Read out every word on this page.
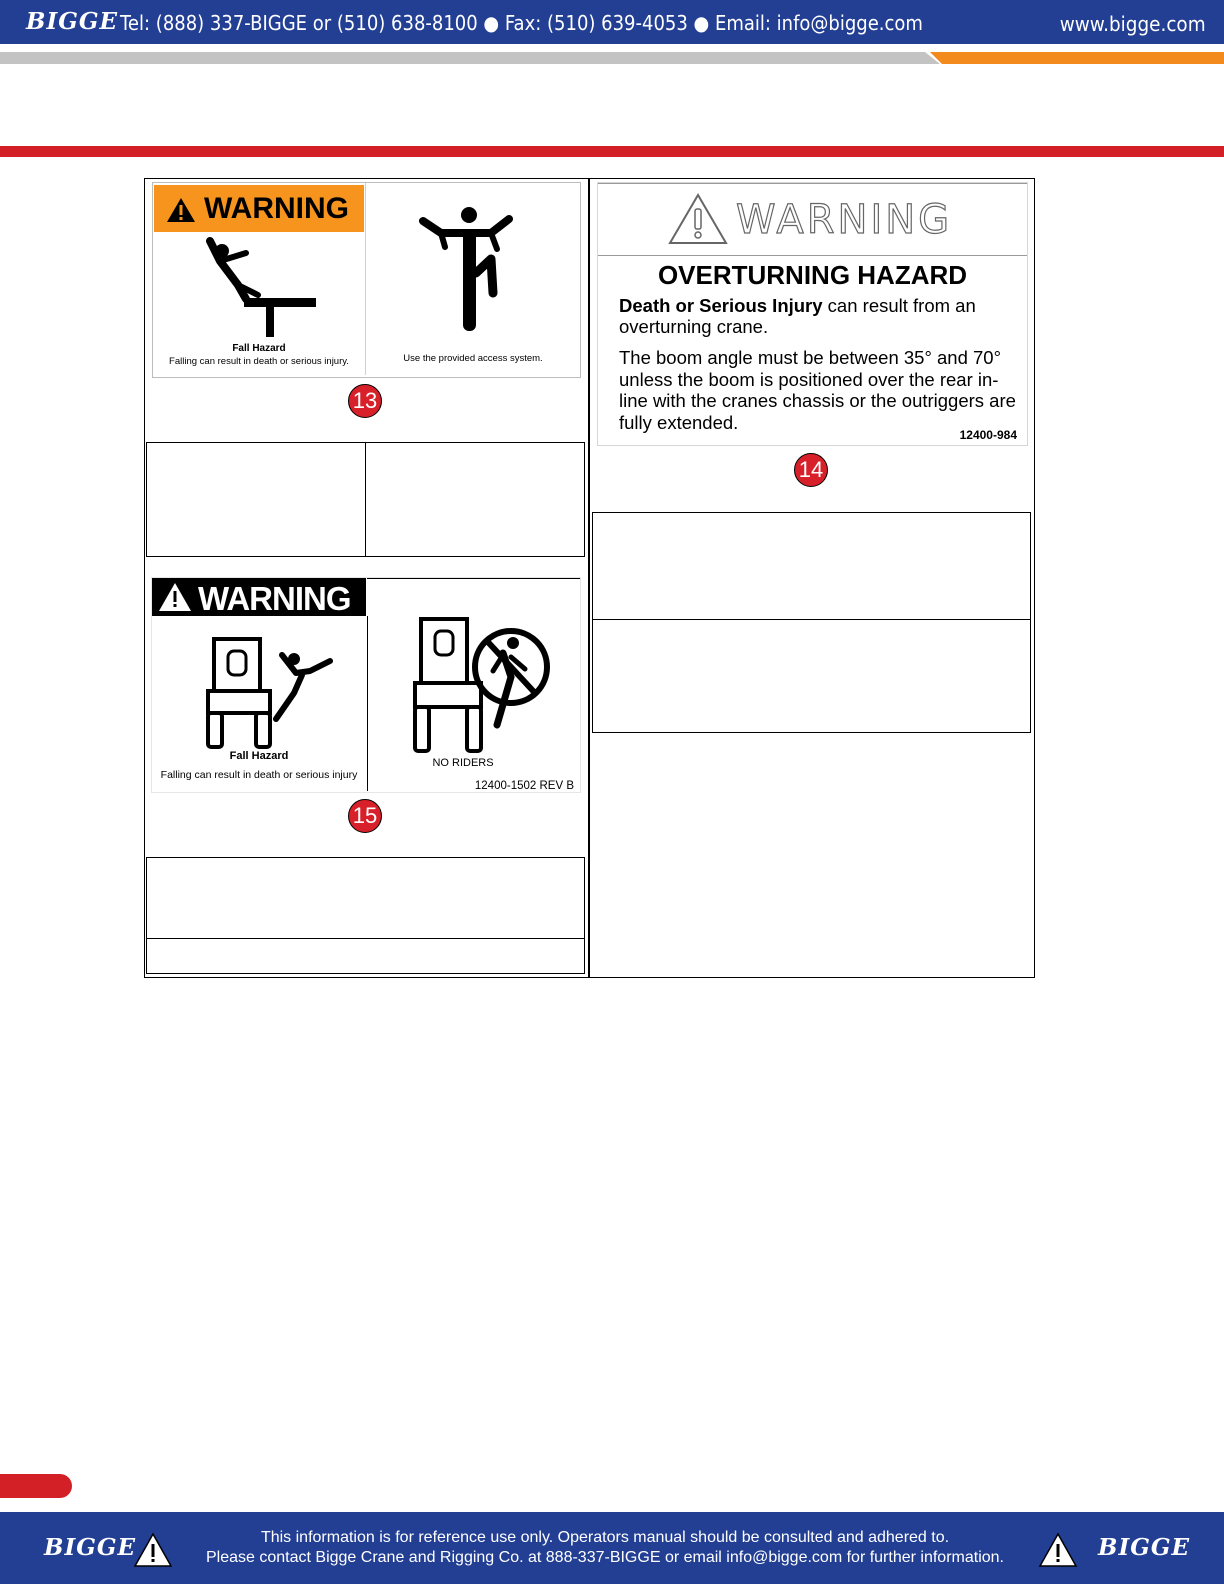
BIGGE Tel: (888) 337-BIGGE or (510) 638-8100 ● Fax: (510) 639-4053 ● Email: info@bigge.com	www.bigge.com
WARNING
Fall Hazard
Falling can result in death or serious injury.	Use the provided access system.
13
WARNING
Fall Hazard
Falling can result in death or serious injury
NO RIDERS
12400-1502 REV B
15
WARNING
OVERTURNING HAZARD
Death or Serious Injury can result from an overturning crane.
The boom angle must be between 35° and 70° unless the boom is positioned over the rear in-line with the cranes chassis or the outriggers are fully extended.
12400-984
14
BIGGE	This information is for reference use only. Operators manual should be consulted and adhered to.
Please contact Bigge Crane and Rigging Co. at 888-337-BIGGE or email info@bigge.com for further information.	BIGGE
